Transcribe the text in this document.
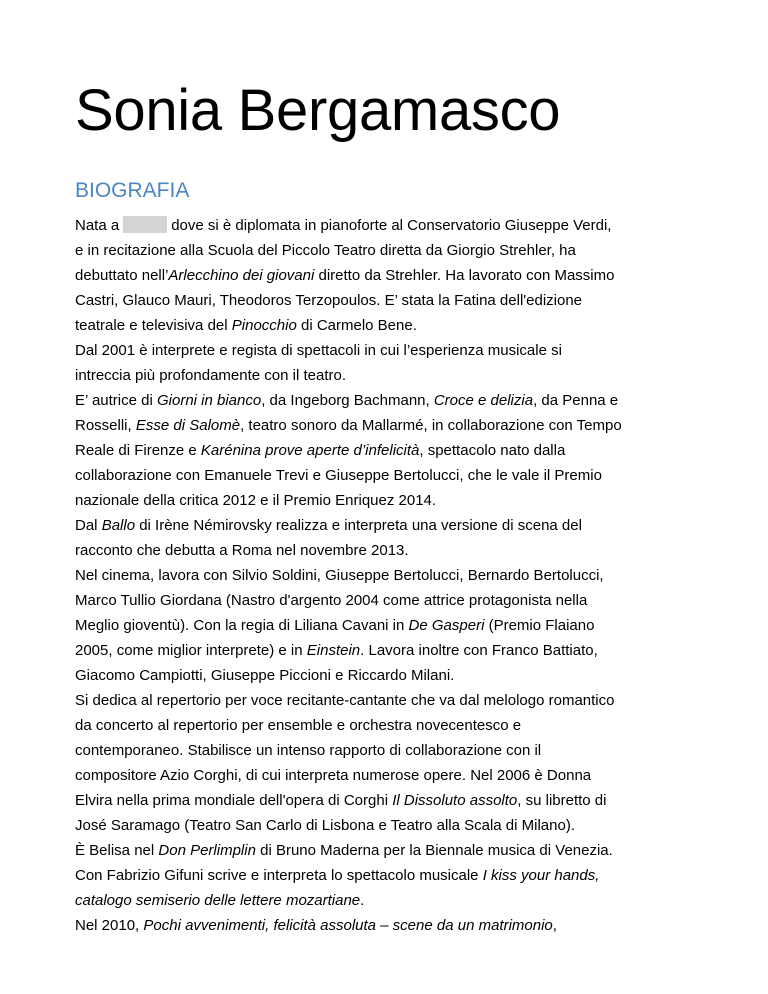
Sonia Bergamasco
BIOGRAFIA
Nata a	dove si è diplomata in pianoforte al Conservatorio Giuseppe Verdi,
e in recitazione alla Scuola del Piccolo Teatro diretta da Giorgio Strehler, ha
debuttato nell’Arlecchino dei giovani diretto da Strehler. Ha lavorato con Massimo
Castri, Glauco Mauri, Theodoros Terzopoulos. E’ stata la Fatina dell'edizione
teatrale e televisiva del Pinocchio di Carmelo Bene.
Dal 2001 è interprete e regista di spettacoli in cui l’esperienza musicale si
intreccia più profondamente con il teatro.
E’ autrice di Giorni in bianco, da Ingeborg Bachmann, Croce e delizia, da Penna e
Rosselli, Esse di Salomè, teatro sonoro da Mallarmé, in collaborazione con Tempo
Reale di Firenze e Karénina prove aperte d’infelicità, spettacolo nato dalla
collaborazione con Emanuele Trevi e Giuseppe Bertolucci, che le vale il Premio
nazionale della critica 2012 e il Premio Enriquez 2014.
Dal Ballo di Irène Némirovsky realizza e interpreta una versione di scena del
racconto che debutta a Roma nel novembre 2013.
Nel cinema, lavora con Silvio Soldini, Giuseppe Bertolucci, Bernardo Bertolucci,
Marco Tullio Giordana (Nastro d'argento 2004 come attrice protagonista nella
Meglio gioventù). Con la regia di Liliana Cavani in De Gasperi (Premio Flaiano
2005, come miglior interprete) e in Einstein. Lavora inoltre con Franco Battiato,
Giacomo Campiotti, Giuseppe Piccioni e Riccardo Milani.
Si dedica al repertorio per voce recitante-cantante che va dal melologo romantico
da concerto al repertorio per ensemble e orchestra novecentesco e
contemporaneo. Stabilisce un intenso rapporto di collaborazione con il
compositore Azio Corghi, di cui interpreta numerose opere. Nel 2006 è Donna
Elvira nella prima mondiale dell'opera di Corghi Il Dissoluto assolto, su libretto di
José Saramago (Teatro San Carlo di Lisbona e Teatro alla Scala di Milano).
È Belisa nel Don Perlimplin di Bruno Maderna per la Biennale musica di Venezia.
Con Fabrizio Gifuni scrive e interpreta lo spettacolo musicale I kiss your hands,
catalogo semiserio delle lettere mozartiane.
Nel 2010, Pochi avvenimenti, felicità assoluta – scene da un matrimonio,
